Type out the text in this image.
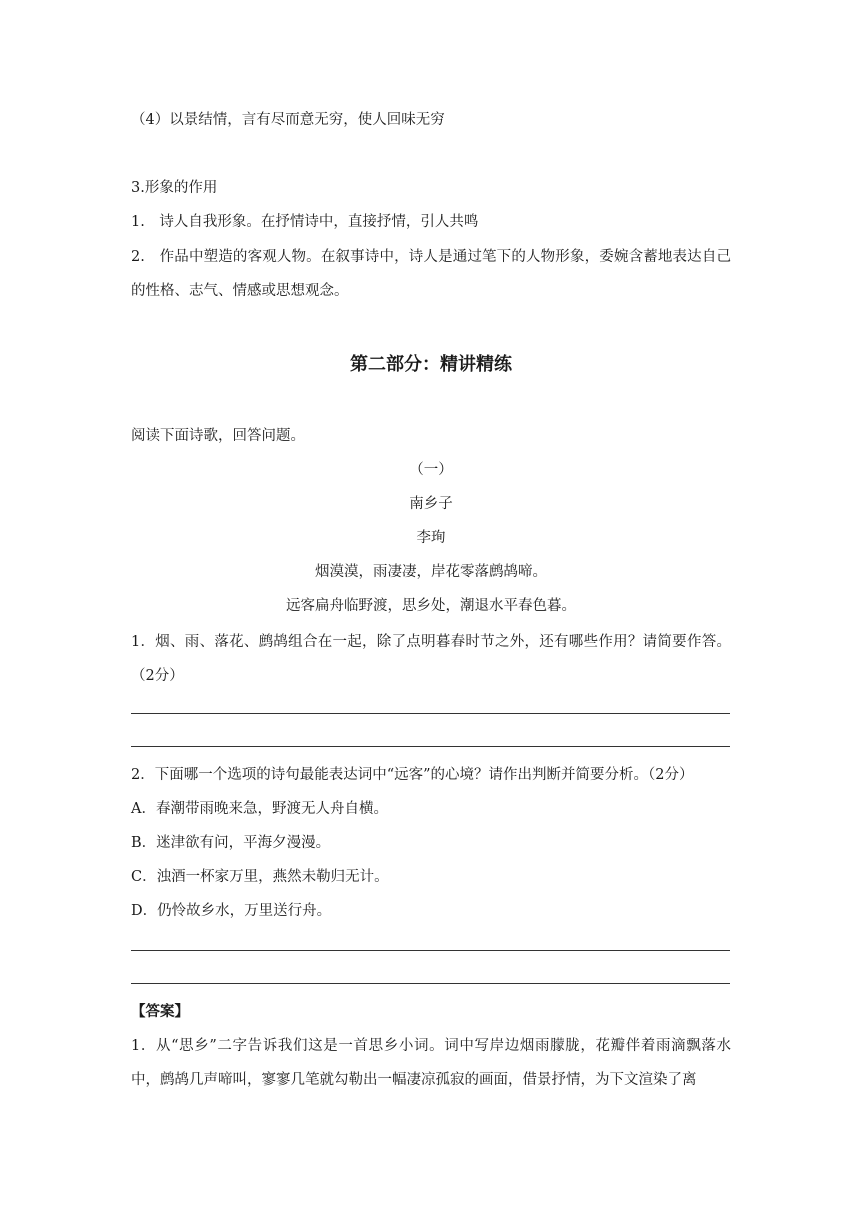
（4）以景结情，言有尽而意无穷，使人回味无穷
3.形象的作用
1.　诗人自我形象。在抒情诗中，直接抒情，引人共鸣
2.　作品中塑造的客观人物。在叙事诗中，诗人是通过笔下的人物形象，委婉含蓄地表达自己的性格、志气、情感或思想观念。
第二部分：精讲精练
阅读下面诗歌，回答问题。
（一）
南乡子
李珣
烟漠漠，雨凄凄，岸花零落鹧鸪啼。
远客扁舟临野渡，思乡处，潮退水平春色暮。
1．烟、雨、落花、鹧鸪组合在一起，除了点明暮春时节之外，还有哪些作用？请简要作答。（2分）
2．下面哪一个选项的诗句最能表达词中“远客”的心境？请作出判断并简要分析。（2分）
A．春潮带雨晚来急，野渡无人舟自横。
B．迷津欲有问，平海夕漫漫。
C．浊酒一杯家万里，燕然未勒归无计。
D．仍怜故乡水，万里送行舟。
【答案】
1．从“思乡”二字告诉我们这是一首思乡小词。词中写岸边烟雨朦胧，花瓣伴着雨滴飘落水中，鹧鸪几声啼叫，寥寥几笔就勾勒出一幅凄凉孤寂的画面，借景抒情，为下文渲染了离
